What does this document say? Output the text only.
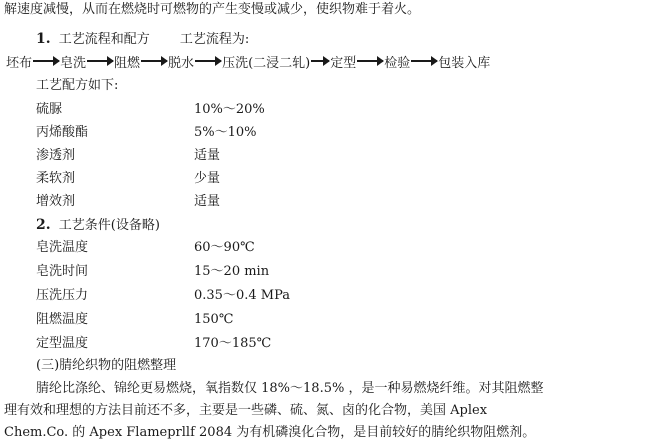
解速度减慢，从而在燃烧时可燃物的产生变慢或减少，使织物难于着火。
1. 工艺流程和配方 工艺流程为:
坯布 皂洗 阻燃 脱水 压洗(二浸二轧) 定型 检验 包装入库
工艺配方如下:
硫脲	10%～20%
丙烯酸酯	5%～10%
渗透剂	适量
柔软剂	少量
增效剂	适量
2. 工艺条件(设备略)
皂洗温度	60～90℃
皂洗时间	15～20 min
压洗压力	0.35～0.4 MPa
阻燃温度	150℃
定型温度	170～185℃
(三)腈纶织物的阻燃整理
腈纶比涤纶、锦纶更易燃烧，氧指数仅 18%～18.5% ，是一种易燃烧纤维。对其阻燃整
理有效和理想的方法目前还不多，主要是一些磷、硫、氮、卤的化合物，美国 Aplex
Chem.Co. 的 Apex Flameprllf 2084 为有机磷溴化合物，是目前较好的腈纶织物阻燃剂。
